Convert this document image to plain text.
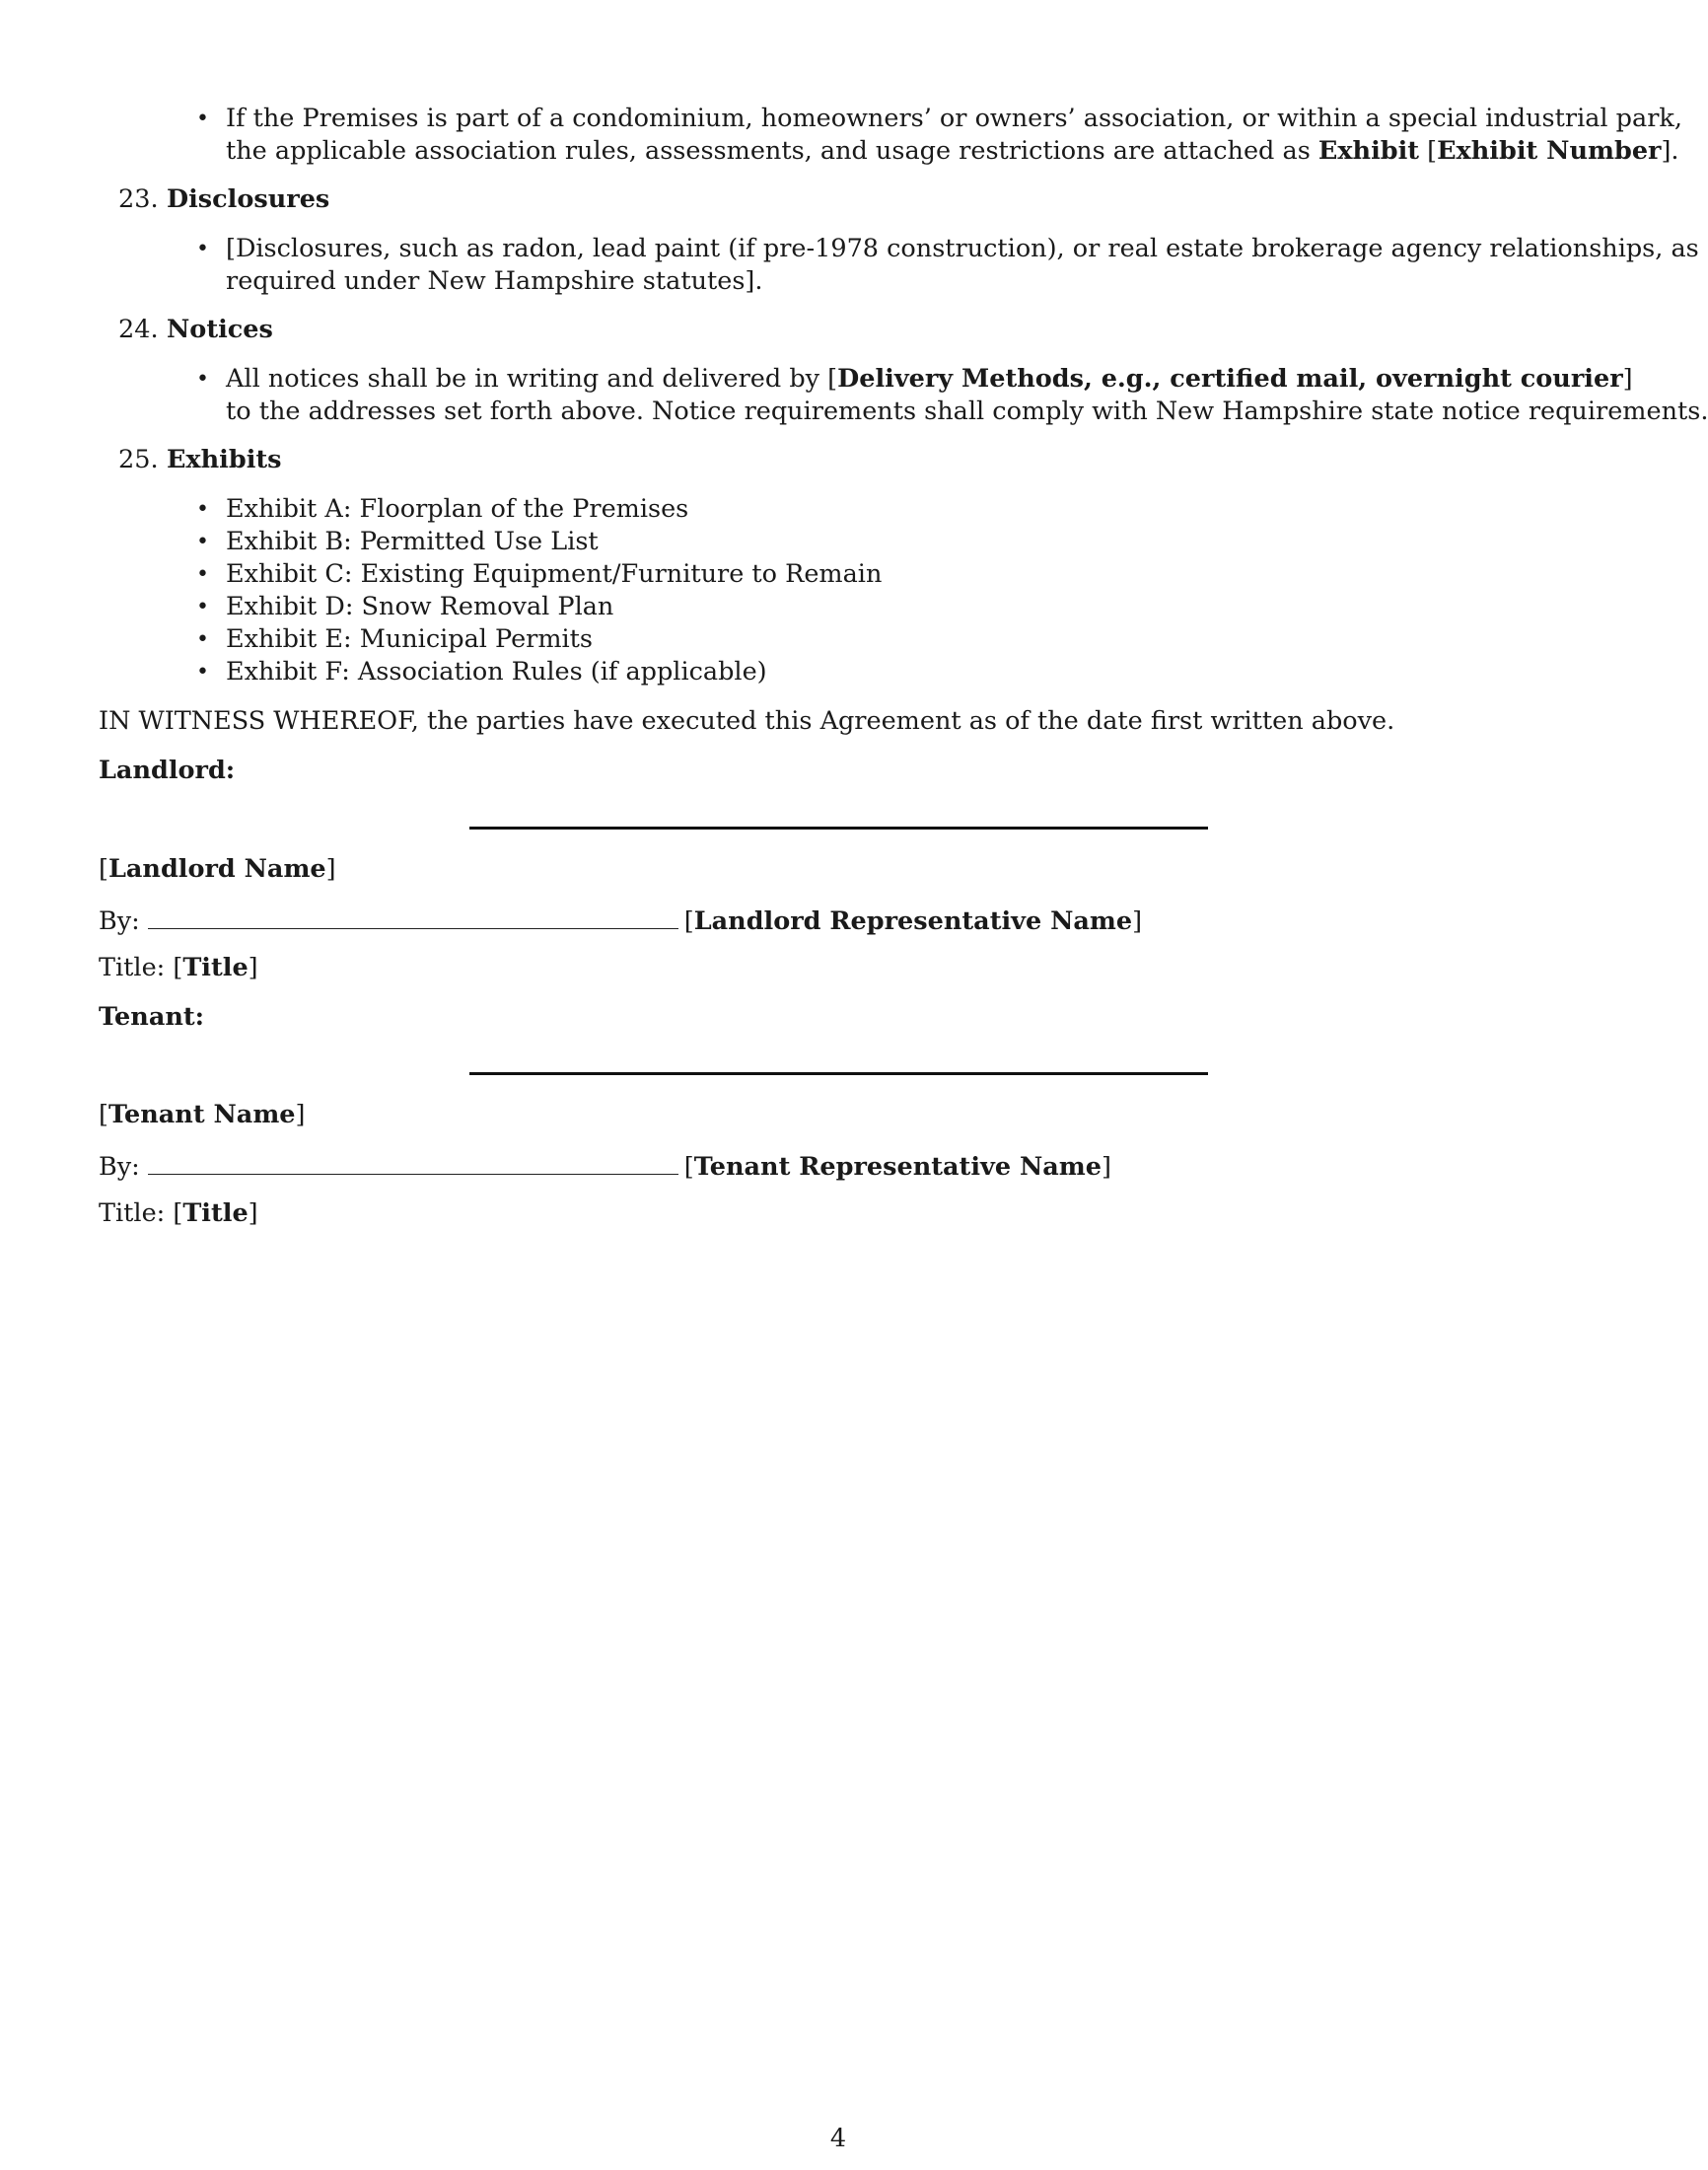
• If the Premises is part of a condominium, homeowners’ or owners’ association, or within a special industrial park,
the applicable association rules, assessments, and usage restrictions are attached as Exhibit [Exhibit Number].
23. Disclosures
• [Disclosures, such as radon, lead paint (if pre-1978 construction), or real estate brokerage agency relationships, as
required under New Hampshire statutes].
24. Notices
• All notices shall be in writing and delivered by [Delivery Methods, e.g., certified mail, overnight courier]
to the addresses set forth above. Notice requirements shall comply with New Hampshire state notice requirements.
25. Exhibits
• Exhibit A: Floorplan of the Premises
• Exhibit B: Permitted Use List
• Exhibit C: Existing Equipment/Furniture to Remain
• Exhibit D: Snow Removal Plan
• Exhibit E: Municipal Permits
• Exhibit F: Association Rules (if applicable)
IN WITNESS WHEREOF, the parties have executed this Agreement as of the date first written above.
Landlord:
[Landlord Name]
By:	[Landlord Representative Name]
Title: [Title]
Tenant:
[Tenant Name]
By:	[Tenant Representative Name]
Title: [Title]
4
